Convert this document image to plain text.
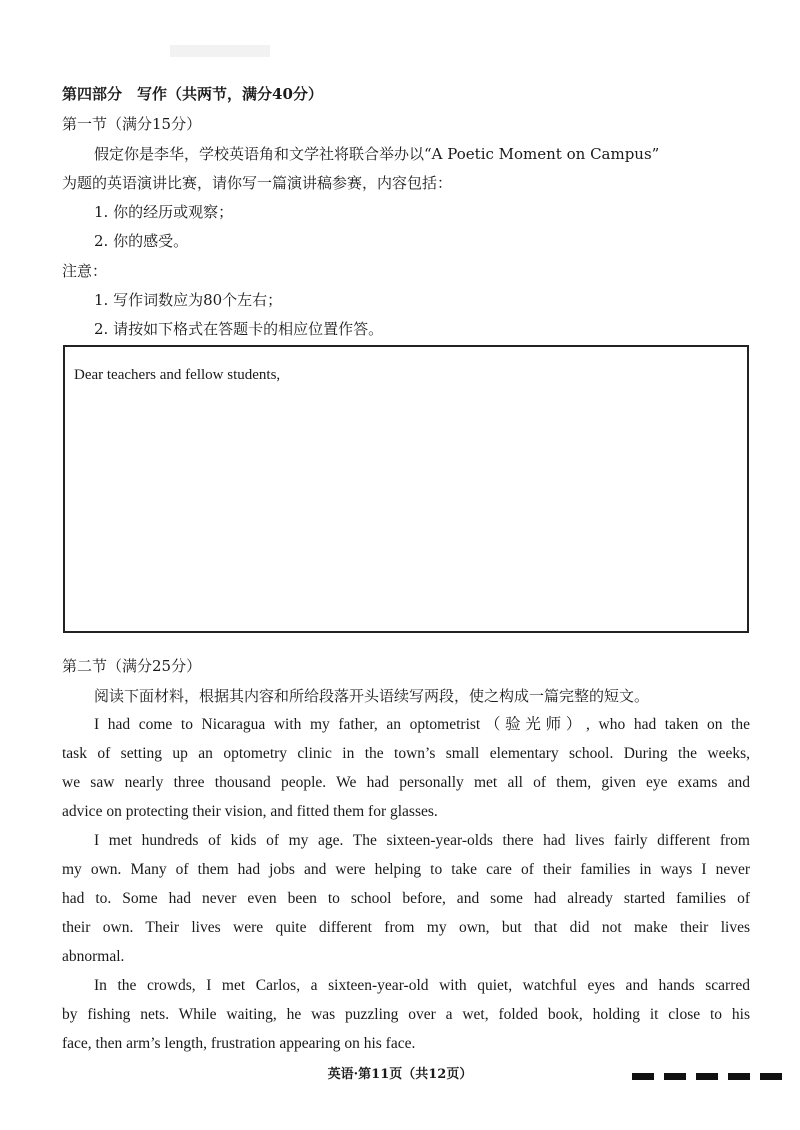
第四部分　写作（共两节，满分40分）
第一节（满分15分）
假定你是李华，学校英语角和文学社将联合举办以“A Poetic Moment on Campus”
为题的英语演讲比赛，请你写一篇演讲稿参赛，内容包括：
1. 你的经历或观察；
2. 你的感受。
注意：
1. 写作词数应为80个左右；
2. 请按如下格式在答题卡的相应位置作答。
Dear teachers and fellow students,
第二节（满分25分）
阅读下面材料，根据其内容和所给段落开头语续写两段，使之构成一篇完整的短文。
I had come to Nicaragua with my father, an optometrist（验光师）, who had taken on the
task of setting up an optometry clinic in the town’s small elementary school. During the weeks,
we saw nearly three thousand people. We had personally met all of them, given eye exams and
advice on protecting their vision, and fitted them for glasses.
I met hundreds of kids of my age. The sixteen-year-olds there had lives fairly different from
my own. Many of them had jobs and were helping to take care of their families in ways I never
had to. Some had never even been to school before, and some had already started families of
their own. Their lives were quite different from my own, but that did not make their lives
abnormal.
In the crowds, I met Carlos, a sixteen-year-old with quiet, watchful eyes and hands scarred
by fishing nets. While waiting, he was puzzling over a wet, folded book, holding it close to his
face, then arm’s length, frustration appearing on his face.
英语·第11页（共12页）
